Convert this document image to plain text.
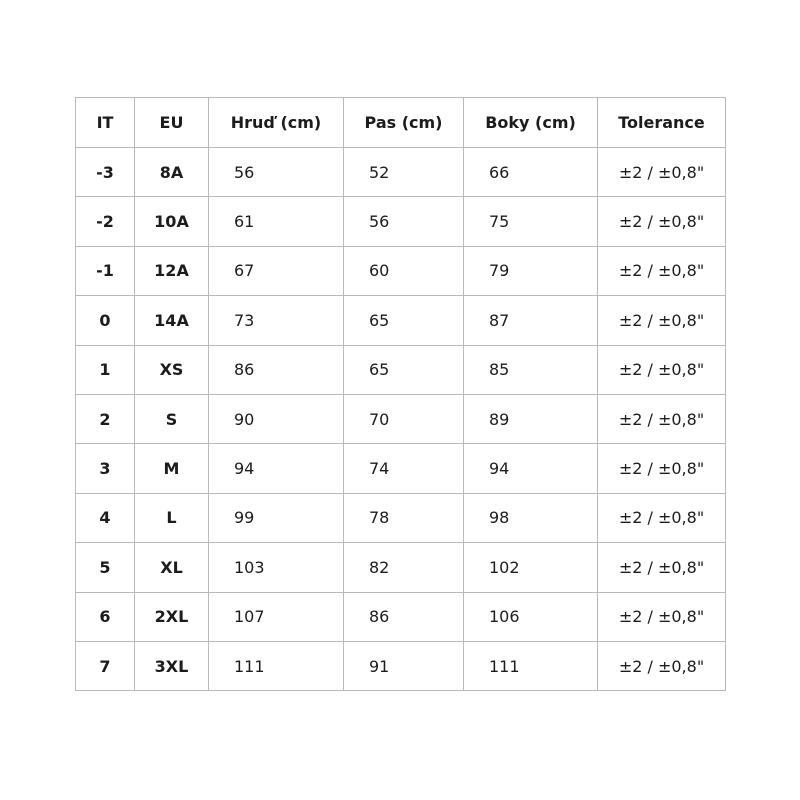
IT	EU	Hruď (cm)	Pas (cm)	Boky (cm)	Tolerance
-3	8A	56	52	66	±2 / ±0,8"
-2	10A	61	56	75	±2 / ±0,8"
-1	12A	67	60	79	±2 / ±0,8"
0	14A	73	65	87	±2 / ±0,8"
1	XS	86	65	85	±2 / ±0,8"
2	S	90	70	89	±2 / ±0,8"
3	M	94	74	94	±2 / ±0,8"
4	L	99	78	98	±2 / ±0,8"
5	XL	103	82	102	±2 / ±0,8"
6	2XL	107	86	106	±2 / ±0,8"
7	3XL	111	91	111	±2 / ±0,8"
